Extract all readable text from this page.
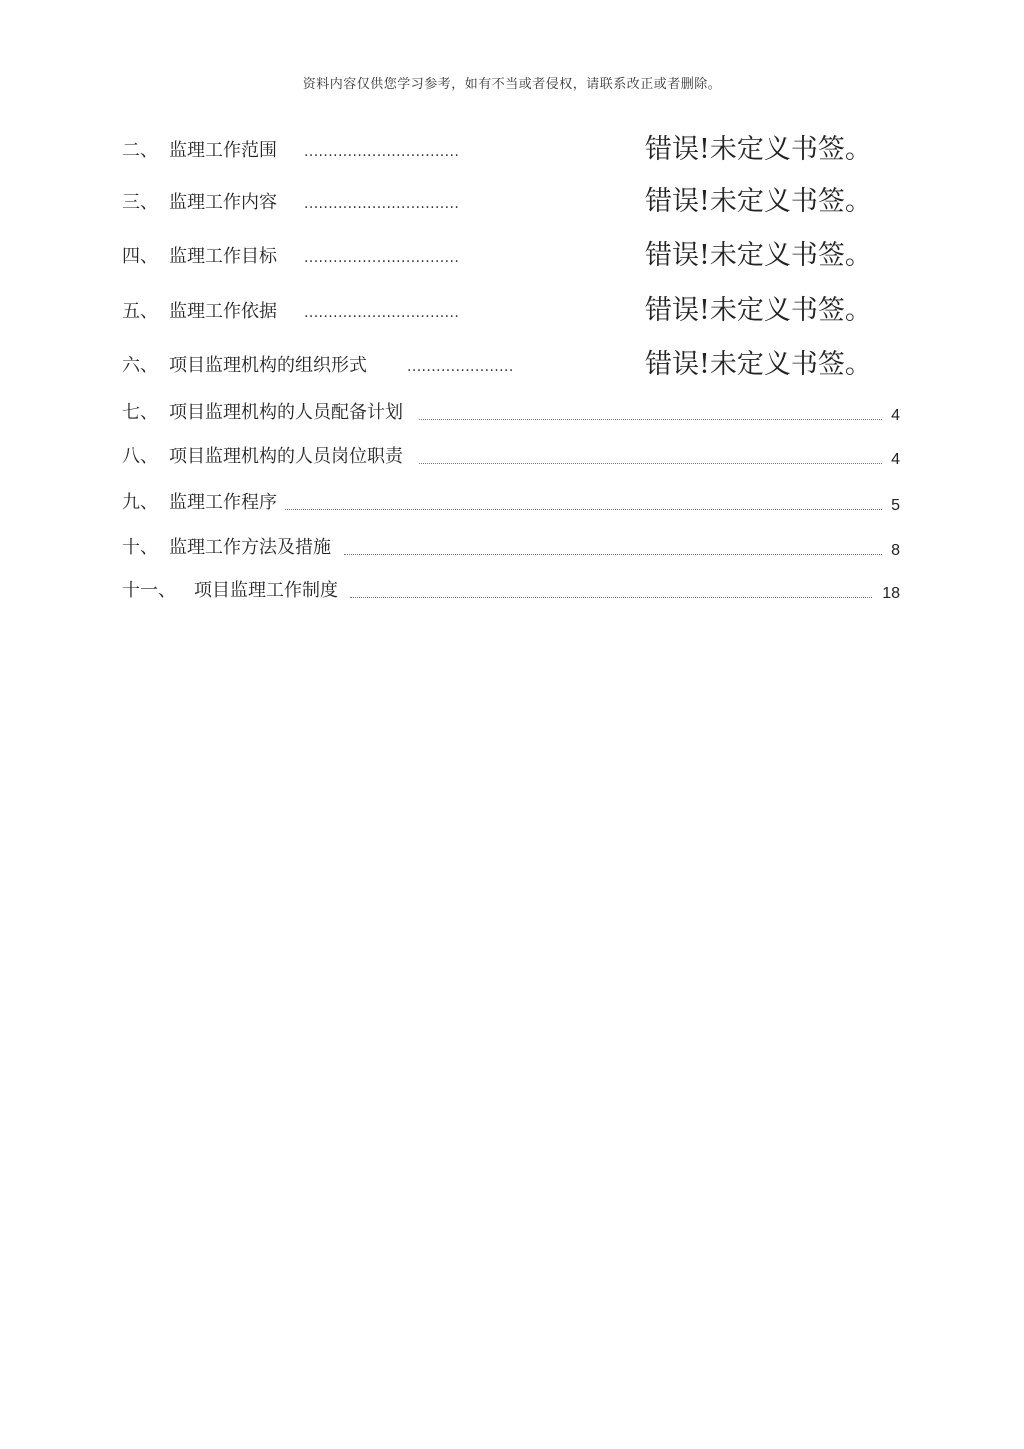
资料内容仅供您学习参考，如有不当或者侵权，请联系改正或者删除。
二、 监理工作范围 ................................	错误!未定义书签。
三、 监理工作内容 ................................	错误!未定义书签。
四、 监理工作目标 ................................	错误!未定义书签。
五、 监理工作依据 ................................	错误!未定义书签。
六、 项目监理机构的组织形式	......................	错误!未定义书签。
七、 项目监理机构的人员配备计划	4
八、 项目监理机构的人员岗位职责	4
九、 监理工作程序	5
十、 监理工作方法及措施	8
十一、 项目监理工作制度	18
